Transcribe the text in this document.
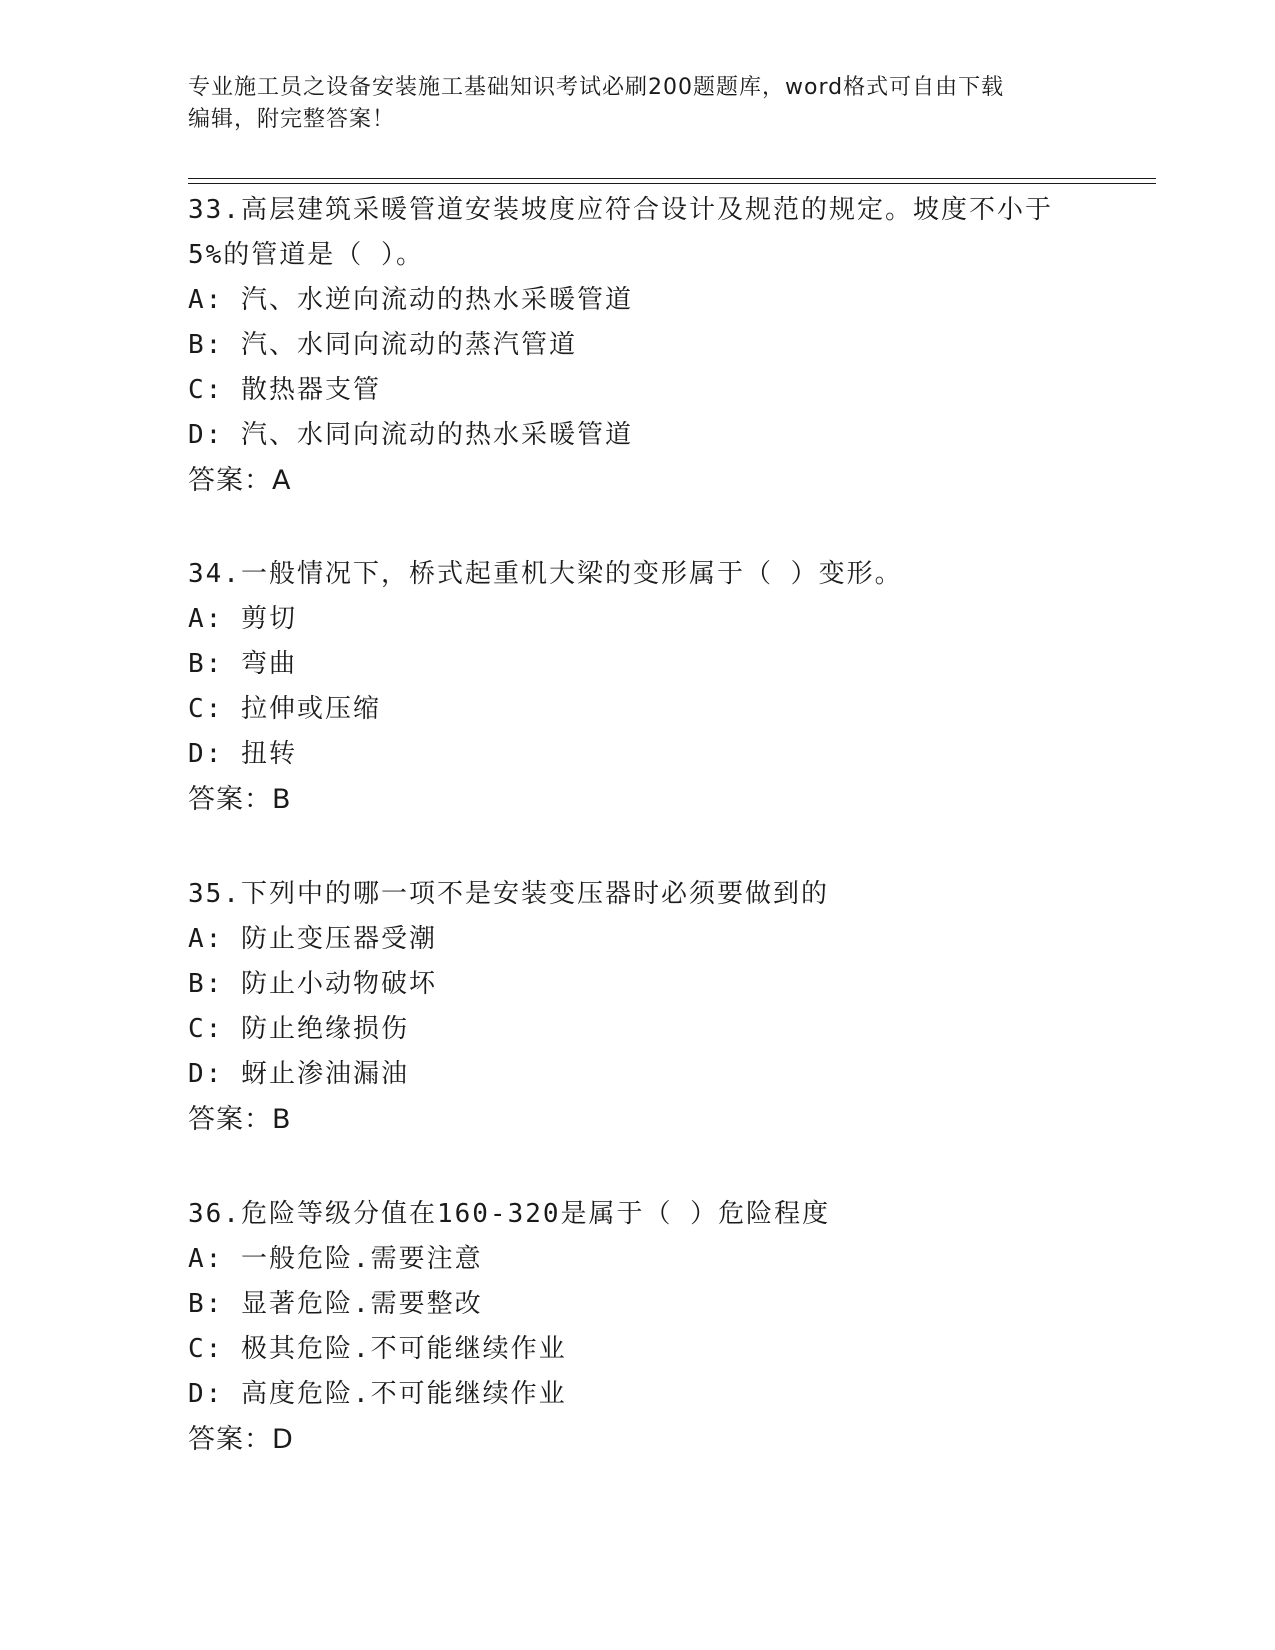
专业施工员之设备安装施工基础知识考试必刷200题题库，word格式可自由下载
编辑，附完整答案！
33.高层建筑采暖管道安装坡度应符合设计及规范的规定。坡度不小于
5%的管道是（ ）。
A: 汽、水逆向流动的热水采暖管道
B: 汽、水同向流动的蒸汽管道
C: 散热器支管
D: 汽、水同向流动的热水采暖管道
答案：A
34.一般情况下，桥式起重机大梁的变形属于（ ）变形。
A: 剪切
B: 弯曲
C: 拉伸或压缩
D: 扭转
答案：B
35.下列中的哪一项不是安装变压器时必须要做到的
A: 防止变压器受潮
B: 防止小动物破坏
C: 防止绝缘损伤
D: 蚜止渗油漏油
答案：B
36.危险等级分值在160-320是属于（ ）危险程度
A: 一般危险.需要注意
B: 显著危险.需要整改
C: 极其危险.不可能继续作业
D: 高度危险.不可能继续作业
答案：D
